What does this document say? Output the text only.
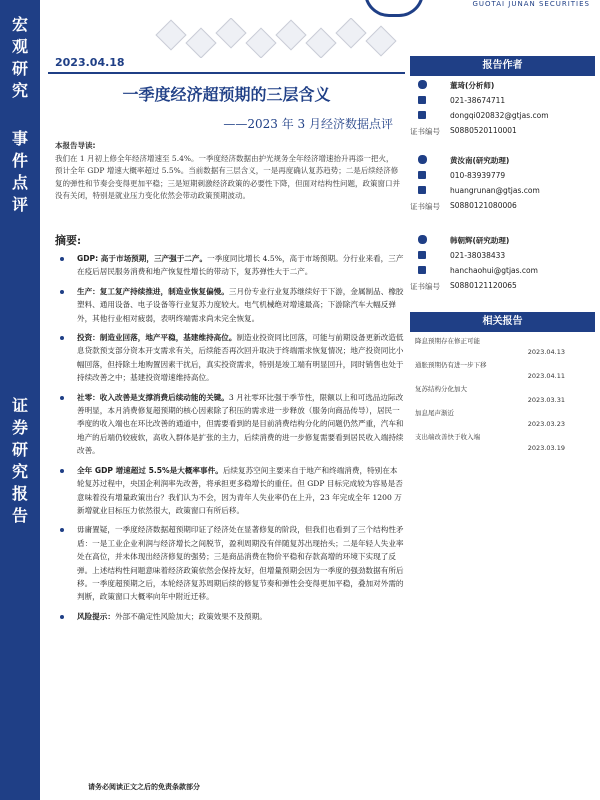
宏
观
研
究
事
件
点
评
证
券
研
究
报
告
GUOTAI JUNAN SECURITIES
2023.04.18
一季度经济超预期的三层含义
——2023 年 3 月经济数据点评
本报告导读:
我们在 1 月初上修全年经济增速至 5.4%。一季度经济数据由护光规务全年经济增速抬升再添一把火，预计全年 GDP 增速大概率超过 5.5%。当前数据有三层含义，一是再度确认复苏趋势；二是后续经济修复的弹性和节奏会变得更加平稳；三是短期刺激经济政策的必要性下降，但面对结构性问题，政策窗口并没有关闭，特别是就业压力变化依然会带动政策预期波动。
摘要:
GDP: 高于市场预期，三产强于二产。一季度同比增长 4.5%，高于市场预期。分行业来看，三产在疫后居民服务消费和地产恢复性增长的带动下，复苏弹性大于二产。
生产：复工复产持续推进，制造业恢复偏慢。三月份专业行业复苏继续好于下游，金属制品、橡胶塑料、通用设备、电子设备等行业复苏力度较大。电气机械绝对增速最高；下游除汽车大幅反弹外，其他行业相对疲弱，表明终端需求尚未完全恢复。
投资：制造业回落，地产平稳，基建维持高位。制造业投资同比回落，可能与前期设备更新改造低息贷款预支部分资本开支需求有关，后续能否再次回升取决于终端需求恢复情况；地产投资同比小幅回落，但持除土地购置因素干扰后，真实投资需求，特别是竣工端有明显回升，同时销售也处于持续改善之中；基建投资增速维持高位。
社零：收入改善是支撑消费后续动能的关键。3 月社零环比强于季节性，限额以上和可选品边际改善明显，本月消费修复超预期的核心因素除了积压的需求进一步释放（服务向商品传导），居民一季度的收入端也在环比改善的通道中，但需要看到的是目前消费结构分化的问题仍然严重，汽车和地产的后端仍较疲软，高收入群体是扩张的主力，后续消费的进一步修复需要看到居民收入端持续改善。
全年 GDP 增速超过 5.5%是大概率事件。后续复苏空间主要来自于地产和终端消费，特别在本轮复苏过程中，央国企利润率先改善，将承担更多稳增长的重任。但 GDP 目标完成较为容易是否意味着没有增量政策出台？我们认为不会，因为青年人失业率仍在上升，23 年完成全年 1200 万新增就业目标压力依然很大，政策窗口有所后移。
毋庸置疑，一季度经济数据超预期印证了经济处在显著修复的阶段，但我们也看到了三个结构性矛盾：一是工业企业利润与经济增长之间脱节，盈利周期没有伴随复苏出现抬头；二是年轻人失业率处在高位，并未体现出经济修复的强势；三是商品消费在物价平稳和存款高增的环境下实现了反弹。上述结构性问题意味着经济政策依然会保持友好，但增量预期会因为一季度的强劲数据有所后移。一季度超预期之后，本轮经济复苏周期后续的修复节奏和弹性会变得更加平稳，叠加对外需的判断，政策窗口大概率向年中附近迁移。
风险提示：外部不确定性风险加大；政策效果不及预期。
报告作者
董琦(分析师)
021-38674711
dongqi020832@gtjas.com
证书编号 S0880520110001
黄汝南(研究助理)
010-83939779
huangrunan@gtjas.com
证书编号 S0880121080006
韩朝辉(研究助理)
021-38038433
hanchaohui@gtjas.com
证书编号 S0880121120065
相关报告
降息预期存在修正可能

2023.04.13
通胀预期仍有进一步下移

2023.04.11
复苏结构分化加大

2023.03.31
加息尾声渐近

2023.03.23
支出端改善快于收入端

2023.03.19
请务必阅读正文之后的免责条款部分
